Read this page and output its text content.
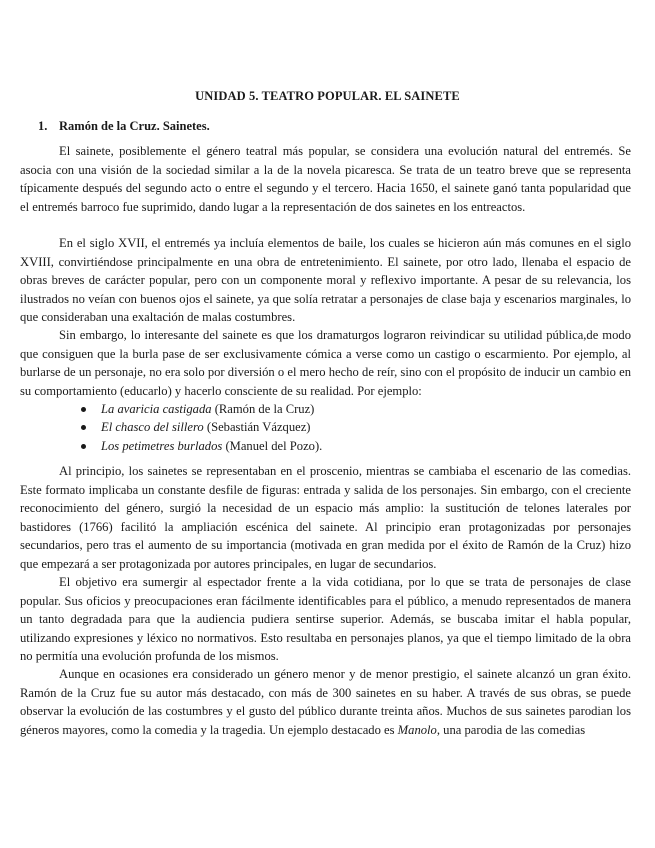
UNIDAD 5. TEATRO POPULAR. EL SAINETE
1. Ramón de la Cruz. Sainetes.

El sainete, posiblemente el género teatral más popular, se considera una evolución natural del entremés. Se asocia con una visión de la sociedad similar a la de la novela picaresca. Se trata de un teatro breve que se representa típicamente después del segundo acto o entre el segundo y el tercero. Hacia 1650, el sainete ganó tanta popularidad que el entremés barroco fue suprimido, dando lugar a la representación de dos sainetes en los entreactos.

En el siglo XVII, el entremés ya incluía elementos de baile, los cuales se hicieron aún más comunes en el siglo XVIII, convirtiéndose principalmente en una obra de entretenimiento. El sainete, por otro lado, llenaba el espacio de obras breves de carácter popular, pero con un componente moral y reflexivo importante. A pesar de su relevancia, los ilustrados no veían con buenos ojos el sainete, ya que solía retratar a personajes de clase baja y escenarios marginales, lo que consideraban una exaltación de malas costumbres.

Sin embargo, lo interesante del sainete es que los dramaturgos lograron reivindicar su utilidad pública,de modo que consiguen que la burla pase de ser exclusivamente cómica a verse como un castigo o escarmiento. Por ejemplo, al burlarse de un personaje, no era solo por diversión o el mero hecho de reír, sino con el propósito de inducir un cambio en su comportamiento (educarlo) y hacerlo consciente de su realidad. Por ejemplo:

La avaricia castigada (Ramón de la Cruz)
El chasco del sillero (Sebastián Vázquez)
Los petimetres burlados (Manuel del Pozo).

Al principio, los sainetes se representaban en el proscenio, mientras se cambiaba el escenario de las comedias. Este formato implicaba un constante desfile de figuras: entrada y salida de los personajes. Sin embargo, con el creciente reconocimiento del género, surgió la necesidad de un espacio más amplio: la sustitución de telones laterales por bastidores (1766) facilitó la ampliación escénica del sainete. Al principio eran protagonizadas por personajes secundarios, pero tras el aumento de su importancia (motivada en gran medida por el éxito de Ramón de la Cruz) hizo que empezará a ser protagonizada por autores principales, en lugar de secundarios.

El objetivo era sumergir al espectador frente a la vida cotidiana, por lo que se trata de personajes de clase popular. Sus oficios y preocupaciones eran fácilmente identificables para el público, a menudo representados de manera un tanto degradada para que la audiencia pudiera sentirse superior. Además, se buscaba imitar el habla popular, utilizando expresiones y léxico no normativos. Esto resultaba en personajes planos, ya que el tiempo limitado de la obra no permitía una evolución profunda de los mismos.

Aunque en ocasiones era considerado un género menor y de menor prestigio, el sainete alcanzó un gran éxito. Ramón de la Cruz fue su autor más destacado, con más de 300 sainetes en su haber. A través de sus obras, se puede observar la evolución de las costumbres y el gusto del público durante treinta años. Muchos de sus sainetes parodian los géneros mayores, como la comedia y la tragedia. Un ejemplo destacado es Manolo, una parodia de las comedias
